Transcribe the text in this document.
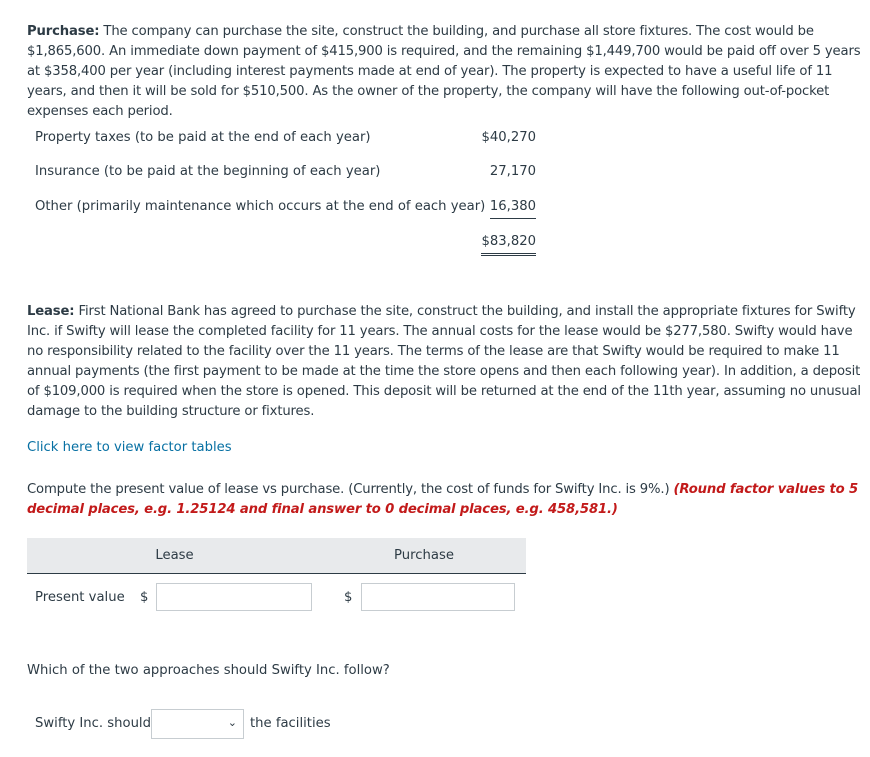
Purchase: The company can purchase the site, construct the building, and purchase all store fixtures. The cost would be $1,865,600. An immediate down payment of $415,900 is required, and the remaining $1,449,700 would be paid off over 5 years at $358,400 per year (including interest payments made at end of year). The property is expected to have a useful life of 11 years, and then it will be sold for $510,500. As the owner of the property, the company will have the following out-of-pocket expenses each period.
Property taxes (to be paid at the end of each year)	$40,270
Insurance (to be paid at the beginning of each year)	27,170
Other (primarily maintenance which occurs at the end of each year) 16,380
$83,820
Lease: First National Bank has agreed to purchase the site, construct the building, and install the appropriate fixtures for Swifty Inc. if Swifty will lease the completed facility for 11 years. The annual costs for the lease would be $277,580. Swifty would have no responsibility related to the facility over the 11 years. The terms of the lease are that Swifty would be required to make 11 annual payments (the first payment to be made at the time the store opens and then each following year). In addition, a deposit of $109,000 is required when the store is opened. This deposit will be returned at the end of the 11th year, assuming no unusual damage to the building structure or fixtures.
Click here to view factor tables
Compute the present value of lease vs purchase. (Currently, the cost of funds for Swifty Inc. is 9%.) (Round factor values to 5 decimal places, e.g. 1.25124 and final answer to 0 decimal places, e.g. 458,581.)
Lease	Purchase
Present value $	$
Which of the two approaches should Swifty Inc. follow?
Swifty Inc. should	⌄ the facilities
